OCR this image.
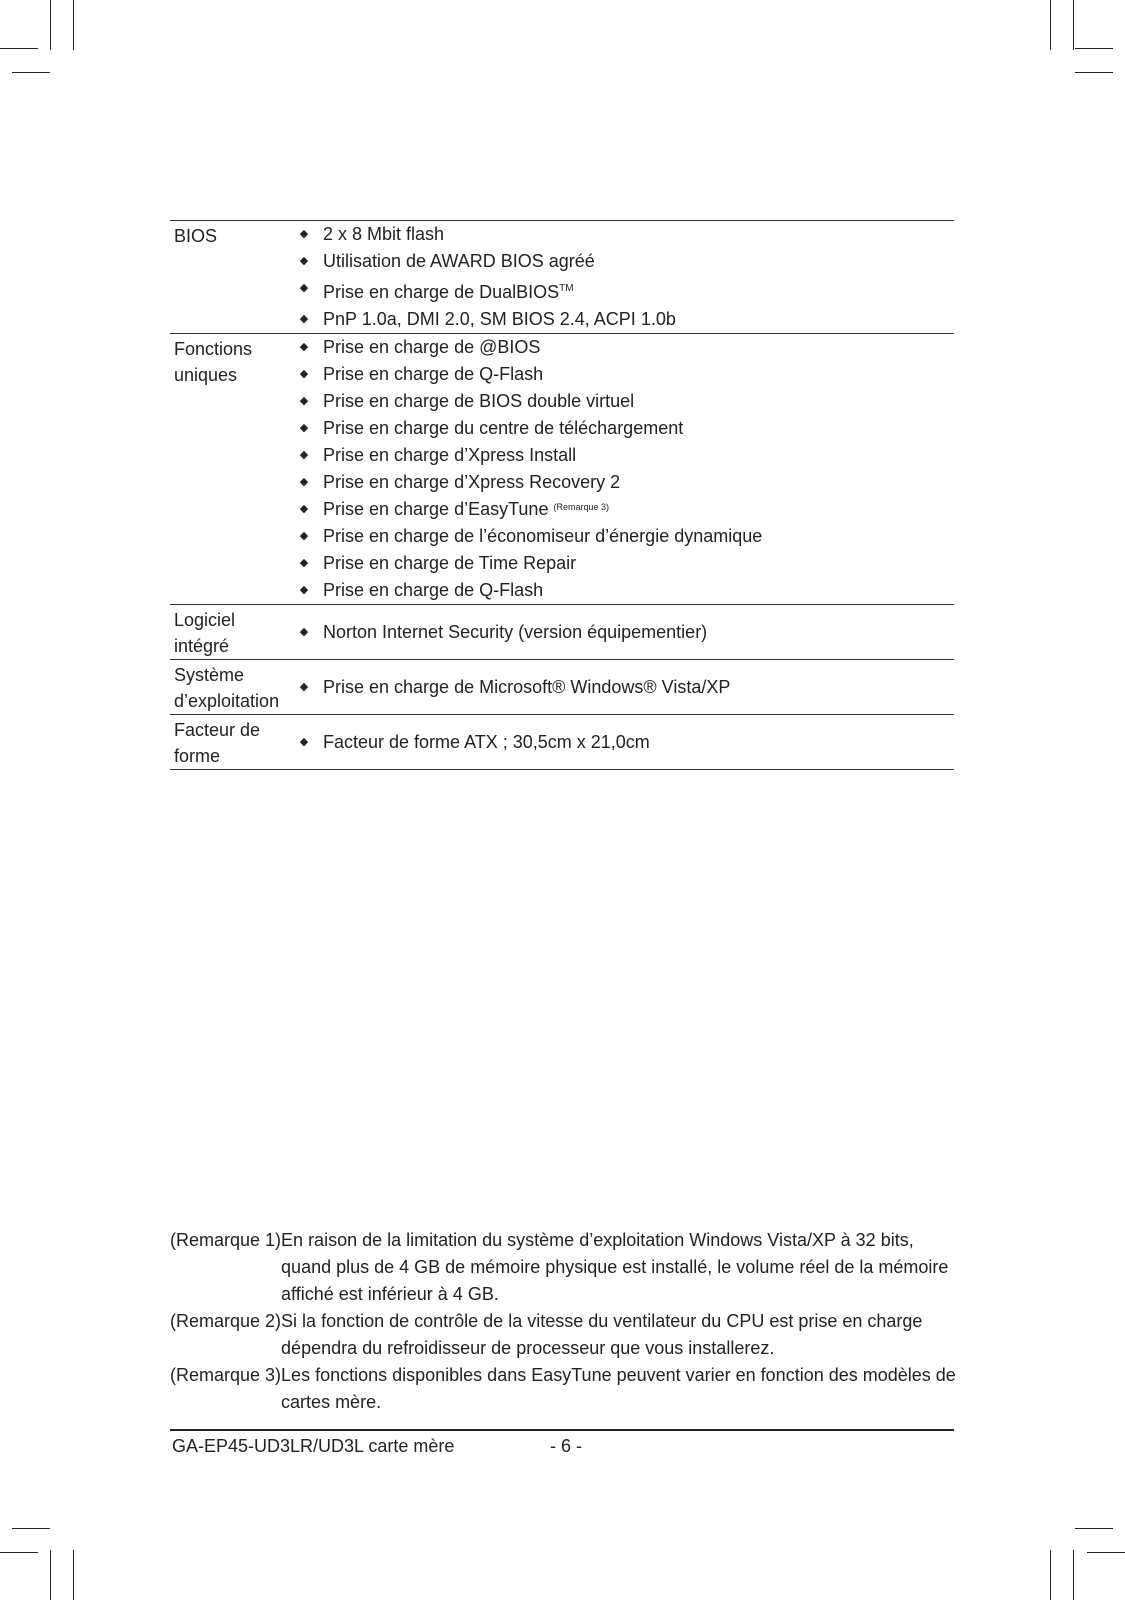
BIOS	◆	2 x 8 Mbit flash
	◆	Utilisation de AWARD BIOS agréé
	◆	Prise en charge de DualBIOS™
	◆	PnP 1.0a, DMI 2.0, SM BIOS 2.4, ACPI 1.0b
Fonctions uniques	◆	Prise en charge de @BIOS
	◆	Prise en charge de Q-Flash
	◆	Prise en charge de BIOS double virtuel
	◆	Prise en charge du centre de téléchargement
	◆	Prise en charge d’Xpress Install
	◆	Prise en charge d’Xpress Recovery 2
	◆	Prise en charge d’EasyTune $^{(Remarque 3)}$
	◆	Prise en charge de l’économiseur d’énergie dynamique
	◆	Prise en charge de Time Repair
	◆	Prise en charge de Q-Flash
Logiciel intégré	◆	Norton Internet Security (version équipementier)
Système d’exploitation	◆	Prise en charge de Microsoft® Windows® Vista/XP
Facteur de forme	◆	Facteur de forme ATX ; 30,5cm x 21,0cm
(Remarque 1) En raison de la limitation du système d’exploitation Windows Vista/XP à 32 bits, quand plus de 4 GB de mémoire physique est installé, le volume réel de la mémoire affiché est inférieur à 4 GB.
(Remarque 2) Si la fonction de contrôle de la vitesse du ventilateur du CPU est prise en charge dépendra du refroidisseur de processeur que vous installerez.
(Remarque 3) Les fonctions disponibles dans EasyTune peuvent varier en fonction des modèles de cartes mère.
GA-EP45-UD3LR/UD3L carte mère	- 6 -
